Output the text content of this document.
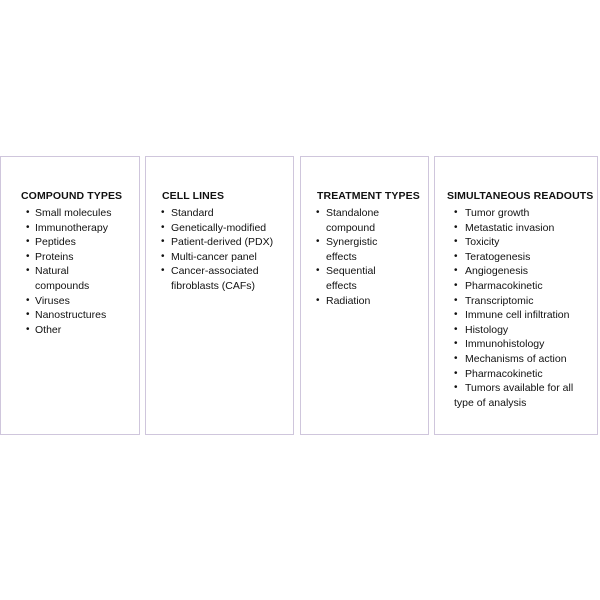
COMPOUND TYPES
• Small molecules
• Immunotherapy
• Peptides
• Proteins
• Natural compounds
• Viruses
• Nanostructures
• Other
CELL LINES
• Standard
• Genetically-modified
• Patient-derived (PDX)
• Multi-cancer panel
• Cancer-associated fibroblasts (CAFs)
TREATMENT TYPES
• Standalone compound
• Synergistic effects
• Sequential effects
• Radiation
SIMULTANEOUS READOUTS
• Tumor growth
• Metastatic invasion
• Toxicity
• Teratogenesis
• Angiogenesis
• Pharmacokinetic
• Transcriptomic
• Immune cell infiltration
• Histology
• Immunohistology
• Mechanisms of action
• Pharmacokinetic
• Tumors available for all type of analysis
